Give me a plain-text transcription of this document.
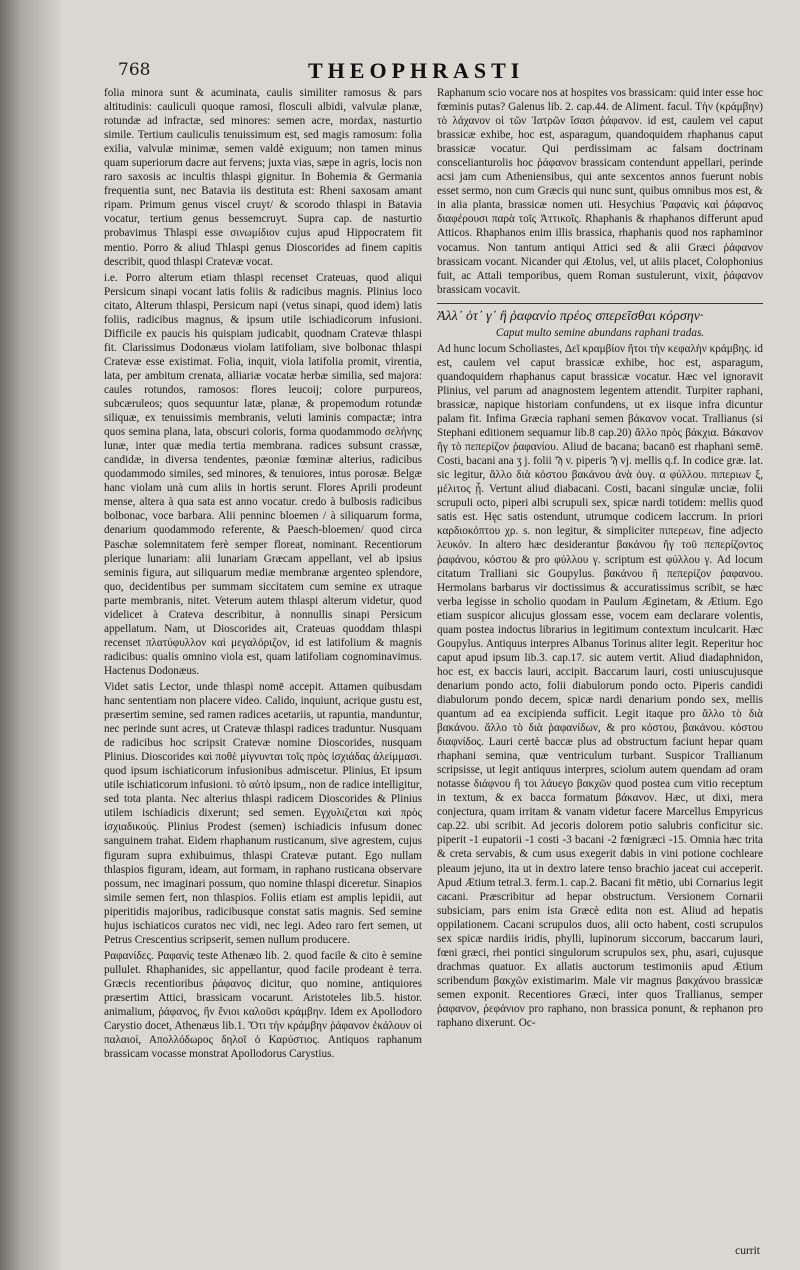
768	THEOPHRASTI

folia minora sunt & acuminata, caulis similiter ramosus & pars altitudinis: cauliculi quoque ramosi, flosculi albidi, valvulæ planæ, rotundæ ad infractæ, sed minores: semen acre, mordax, nasturtio simile. Tertium cauliculis tenuissimum est, sed magis ramosum: folia exilia, valvulæ minimæ, semen valdè exiguum; non tamen minus quam superiorum dacre aut fervens; juxta vias, sæpe in agris, locis non raro saxosis ac incultis thlaspi gignitur. In Bohemia & Germania frequentia sunt, nec Batavia iis destituta est: Rheni saxosam amant ripam. Primum genus viscel cruyt/ & scorodo thlaspi in Batavia vocatur, tertium genus bessemcruyt. Supra cap. de nasturtio probavimus Thlaspi esse σινωμίδιον cujus apud Hippocratem fit mentio. Porro & aliud Thlaspi genus Dioscorides ad finem capitis describit, quod thlaspi Cratevæ vocat.

i.e. Porro alterum etiam thlaspi recenset Crateuas, quod aliqui Persicum sinapi vocant latis foliis & radicibus magnis. Plinius loco citato, Alterum thlaspi, Persicum napi (vetus sinapi, quod idem) latis foliis, radicibus magnus, & ipsum utile ischiadicorum infusioni. Difficile ex paucis his quispiam judicabit, quodnam Cratevæ thlaspi fit. Clarissimus Dodonæus violam latifoliam, sive bolbonac thlaspi Cratevæ esse existimat. Folia, inquit, viola latifolia promit, virentia, lata, per ambitum crenata, alliariæ vocatæ herbæ similia, sed majora: caules rotundos, ramosos: flores leucoij; colore purpureos, subcæruleos; quos sequuntur latæ, planæ, & propemodum rotundæ siliquæ, ex tenuissimis membranis, veluti laminis compactæ; intra quos semina plana, lata, obscuri coloris, forma quodammodo σελήνης lunæ, inter quæ media tertia membrana. radices subsunt crassæ, candidæ, in diversa tendentes, pæoniæ fœminæ alterius, radicibus quodammodo similes, sed minores, & tenuiores, intus porosæ. Belgæ hanc violam unà cum aliis in hortis serunt. Flores Aprili prodeunt mense, altera à qua sata est anno vocatur. credo à bulbosis radicibus bolbonac, voce barbara. Alii penninc bloemen / à siliquarum forma, denarium quodammodo referente, & Paesch-bloemen/ quod circa Paschæ solemnitatem ferè semper floreat, nominant. Recentiorum plerique lunariam: alii lunariam Græcam appellant, vel ab ipsius seminis figura, aut siliquarum mediæ membranæ argenteo splendore, quo, decidentibus per summam siccitatem cum semine ex utraque parte membranis, nitet. Veterum autem thlaspi alterum videtur, quod videlicet à Crateva describitur, à nonnullis sinapi Persicum appellatum. Nam, ut Dioscorides ait, Crateuas quoddam thlaspi recenset πλατύφυλλον καὶ μεγαλόριζον, id est latifolium & magnis radicibus: qualis omnino viola est, quam latifoliam cognominavimus. Hactenus Dodonæus.

Videt satis Lector, unde thlaspi nomē accepit. Attamen quibusdam hanc sententiam non placere video. Calido, inquiunt, acrique gustu est, præsertim semine, sed ramen radices acetariis, ut rapuntia, manduntur, nec perinde sunt acres, ut Cratevæ thlaspi radices traduntur. Nusquam de radicibus hoc scripsit Cratevæ nomine Dioscorides, nusquam Plinius. Dioscorides καὶ ποθὲ μίγνυνται τοῖς πρὸς ἰσχιάδας ἀλείμμασι. quod ipsum ischiaticorum infusionibus admiscetur. Plinius, Et ipsum utile ischiaticorum infusioni. τὸ αὐτὸ ipsum,, non de radice intelligitur, sed tota planta. Nec alterius thlaspi radicem Dioscorides & Plinius utilem ischiadicis dixerunt; sed semen. Εγχυλιζεται καὶ πρὸς ἰσχιαδικούς. Plinius Prodest (semen) ischiadicis infusum donec sanguinem trahat. Eidem rhaphanum rusticanum, sive agrestem, cujus figuram supra exhibuimus, thlaspi Cratevæ putant. Ego nullam thlaspios figuram, ideam, aut formam, in raphano rusticana observare possum, nec imaginari possum, quo nomine thlaspi diceretur. Sinapios simile semen fert, non thlaspios. Foliis etiam est amplis lepidii, aut piperitidis majoribus, radicibusque constat satis magnis. Sed semine hujus ischiaticos curatos nec vidi, nec legi. Adeo raro fert semen, ut Petrus Crescentius scripserit, semen nullum producere.

Ραφανίδες. Ραφανὶς teste Athenæo lib. 2. quod facile & cito è semine pullulet. Rhaphanides, sic appellantur, quod facile prodeant è terra. Græcis recentioribus ῥάφανος dicitur, quo nomine, antiquiores præsertim Attici, brassicam vocarunt. Aristoteles lib.5. histor. animalium, ῥάφανος, ἣν ἔνιοι καλοῦσι κράμβην. Idem ex Apollodoro Carystio docet, Athenæus lib.1. Ὅτι τὴν κράμβην ῥάφανον ἐκάλουν οἱ παλαιοί, Απολλόδωρος δηλοῖ ὁ Καρύστιος. Antiquos raphanum brassicam vocasse monstrat Apollodorus Carystius.

Raphanum scio vocare nos at hospites vos brassicam: quid inter esse hoc fœminis putas? Galenus lib. 2. cap.44. de Aliment. facul. Τὴν (κράμβην) τὸ λάχανον οἱ τῶν Ἰατρῶν ἴσασι ῥάφανον. id est, caulem vel caput brassicæ exhibe, hoc est, asparagum, quandoquidem rhaphanus caput brassicæ vocatur. Qui perdissimam ac falsam doctrinam conscelianturolis hoc ῥάφανον brassicam contendunt appellari, perinde acsi jam cum Atheniensibus, qui ante sexcentos annos fuerunt nobis esset sermo, non cum Græcis qui nunc sunt, quibus omnibus mos est, & in alia planta, brassicæ nomen uti. Hesychius Ῥαφανὶς καὶ ῥάφανος διαφέρουσι παρὰ τοῖς Ἀττικοῖς. Rhaphanis & rhaphanos differunt apud Atticos. Rhaphanos enim illis brassica, rhaphanis quod nos raphaminor vocamus. Non tantum antiqui Attici sed & alii Græci ῥάφανον brassicam vocant. Nicander qui Ætolus, vel, ut aliis placet, Colophonius fuit, ac Attali temporibus, quem Roman sustulerunt, vixit, ῥάφανον brassicam vocavit.

Ἀλλ᾽ ὁτ᾽ γ᾽ ἢ ῥαφανίο πρέος σπερεῖσθαι κόρσην·

Caput multo semine abundans raphani tradas.

Ad hunc locum Scholiastes, Δεῖ κραμβίον ἤτοι τὴν κεφαλὴν κράμβης. id est, caulem vel caput brassicæ exhibe, hoc est, asparagum, quandoquidem rhaphanus caput brassicæ vocatur. Hæc vel ignoravit Plinius, vel parum ad anagnostem legentem attendit. Turpiter raphani, brassicæ, napique historiam confundens, ut ex iisque infra dicuntur palam fit. Infima Græcia raphani semen βάκανον vocat. Trallianus (si Stephani editionem sequamur lib.8 cap.20) ἄλλο πρὸς βάκχια. Βάκανον ἥγ τὸ πεπερίζον ῥαφανίου. Aliud de bacana; bacanō est rhaphani semē. Costi, bacani ana ʒ j. folii Ϡ v. piperis Ϡ vj. mellis q.f. In codice græ. lat. sic legitur, ἄλλο διὰ κόστου βακάνου ἀνὰ ὀυγ. α φύλλου. πιπεριων ξ, μέλιτος ᾗ. Vertunt aliud diabacani. Costi, bacani singulæ unciæ, folii scrupuli octo, piperi albi scrupuli sex, spicæ nardi totidem: mellis quod satis est. Hęc satis ostendunt, utrumque codicem laccrum. In priori καρδιοκόπτου χρ. s. non legitur, & simpliciter πιπερεων, fine adjecto λευκόν. In altero hæc desiderantur βακάνου ἥγ τοῦ πεπερίζοντος ῥαφάνου, κόστου & pro φύλλου γ. scriptum est φύλλου γ. Ad locum citatum Tralliani sic Goupylus. βακάνου ἢ πεπερίζον ῥαφανου. Hermolans barbarus vir doctissimus & accuratissimus scribit, se hæc verba legisse in scholio quodam in Paulum Æginetam, & Ætium. Ego etiam suspicor alicujus glossam esse, vocem eam declarare volentis, quam postea indoctus librarius in legitimum contextum inculcarit. Hæc Goupylus. Antiquus interpres Albanus Torinus aliter legit. Reperitur hoc caput apud ipsum lib.3. cap.17. sic autem vertit. Aliud diadaphnidon, hoc est, ex baccis lauri, accipit. Baccarum lauri, costi uniuscujusque denarium pondo acto, folii diabulorum pondo octo. Piperis candidi diabulorum pondo decem, spicæ nardi denarium pondo sex, mellis quantum ad ea excipienda sufficit. Legit itaque pro ἄλλο τὸ διὰ βακάνου. ἄλλο τὸ διὰ ῥαφανίδων, & pro κόστου, βακάνου. κόστου διαφνίδος. Lauri certè baccæ plus ad obstructum faciunt hepar quam rhaphani semina, quæ ventriculum turbant. Suspicor Trallianum scripsisse, ut legit antiquus interpres, sciolum autem quendam ad oram notasse διάφνου ἢ τοι λάυεγο βακχῶν quod postea cum vitio receptum in textum, & ex bacca formatum βάκανον. Hæc, ut dixi, mera conjectura, quam irritam & vanam videtur facere Marcellus Empyricus cap.22. ubi scribit. Ad jecoris dolorem potio salubris conficitur sic. piperit -1 eupatorii -1 costi -3 bacani -2 fœnigræci -15. Omnia hæc trita & creta servabis, & cum usus exegerit dabis in vini potione cochleare pleaum jejuno, ita ut in dextro latere tenso brachio jaceat cui acceperit. Apud Ætium tetral.3. ferm.1. cap.2. Bacani fit mētio, ubi Cornarius legit cacani. Præscribitur ad hepar obstructum. Versionem Cornarii subsiciam, pars enim ista Græcè edita non est. Aliud ad hepatis oppilationem. Cacani scrupulos duos, alii octo habent, costi scrupulos sex spicæ nardiis iridis, phylli, lupinorum siccorum, baccarum lauri, fœni græci, rhei pontici singulorum scrupulos sex, phu, asari, cujusque drachmas quatuor. Ex allatis auctorum testimoniis apud Ætium scribendum βακχῶν existimarim. Male vir magnus βακχάνου brassicæ semen exponit. Recentiores Græci, inter quos Trallianus, semper ῥαφανον, ῥεφάνιον pro raphano, non brassica ponunt, & rephanon pro raphano dixerunt. Oc-

currit
